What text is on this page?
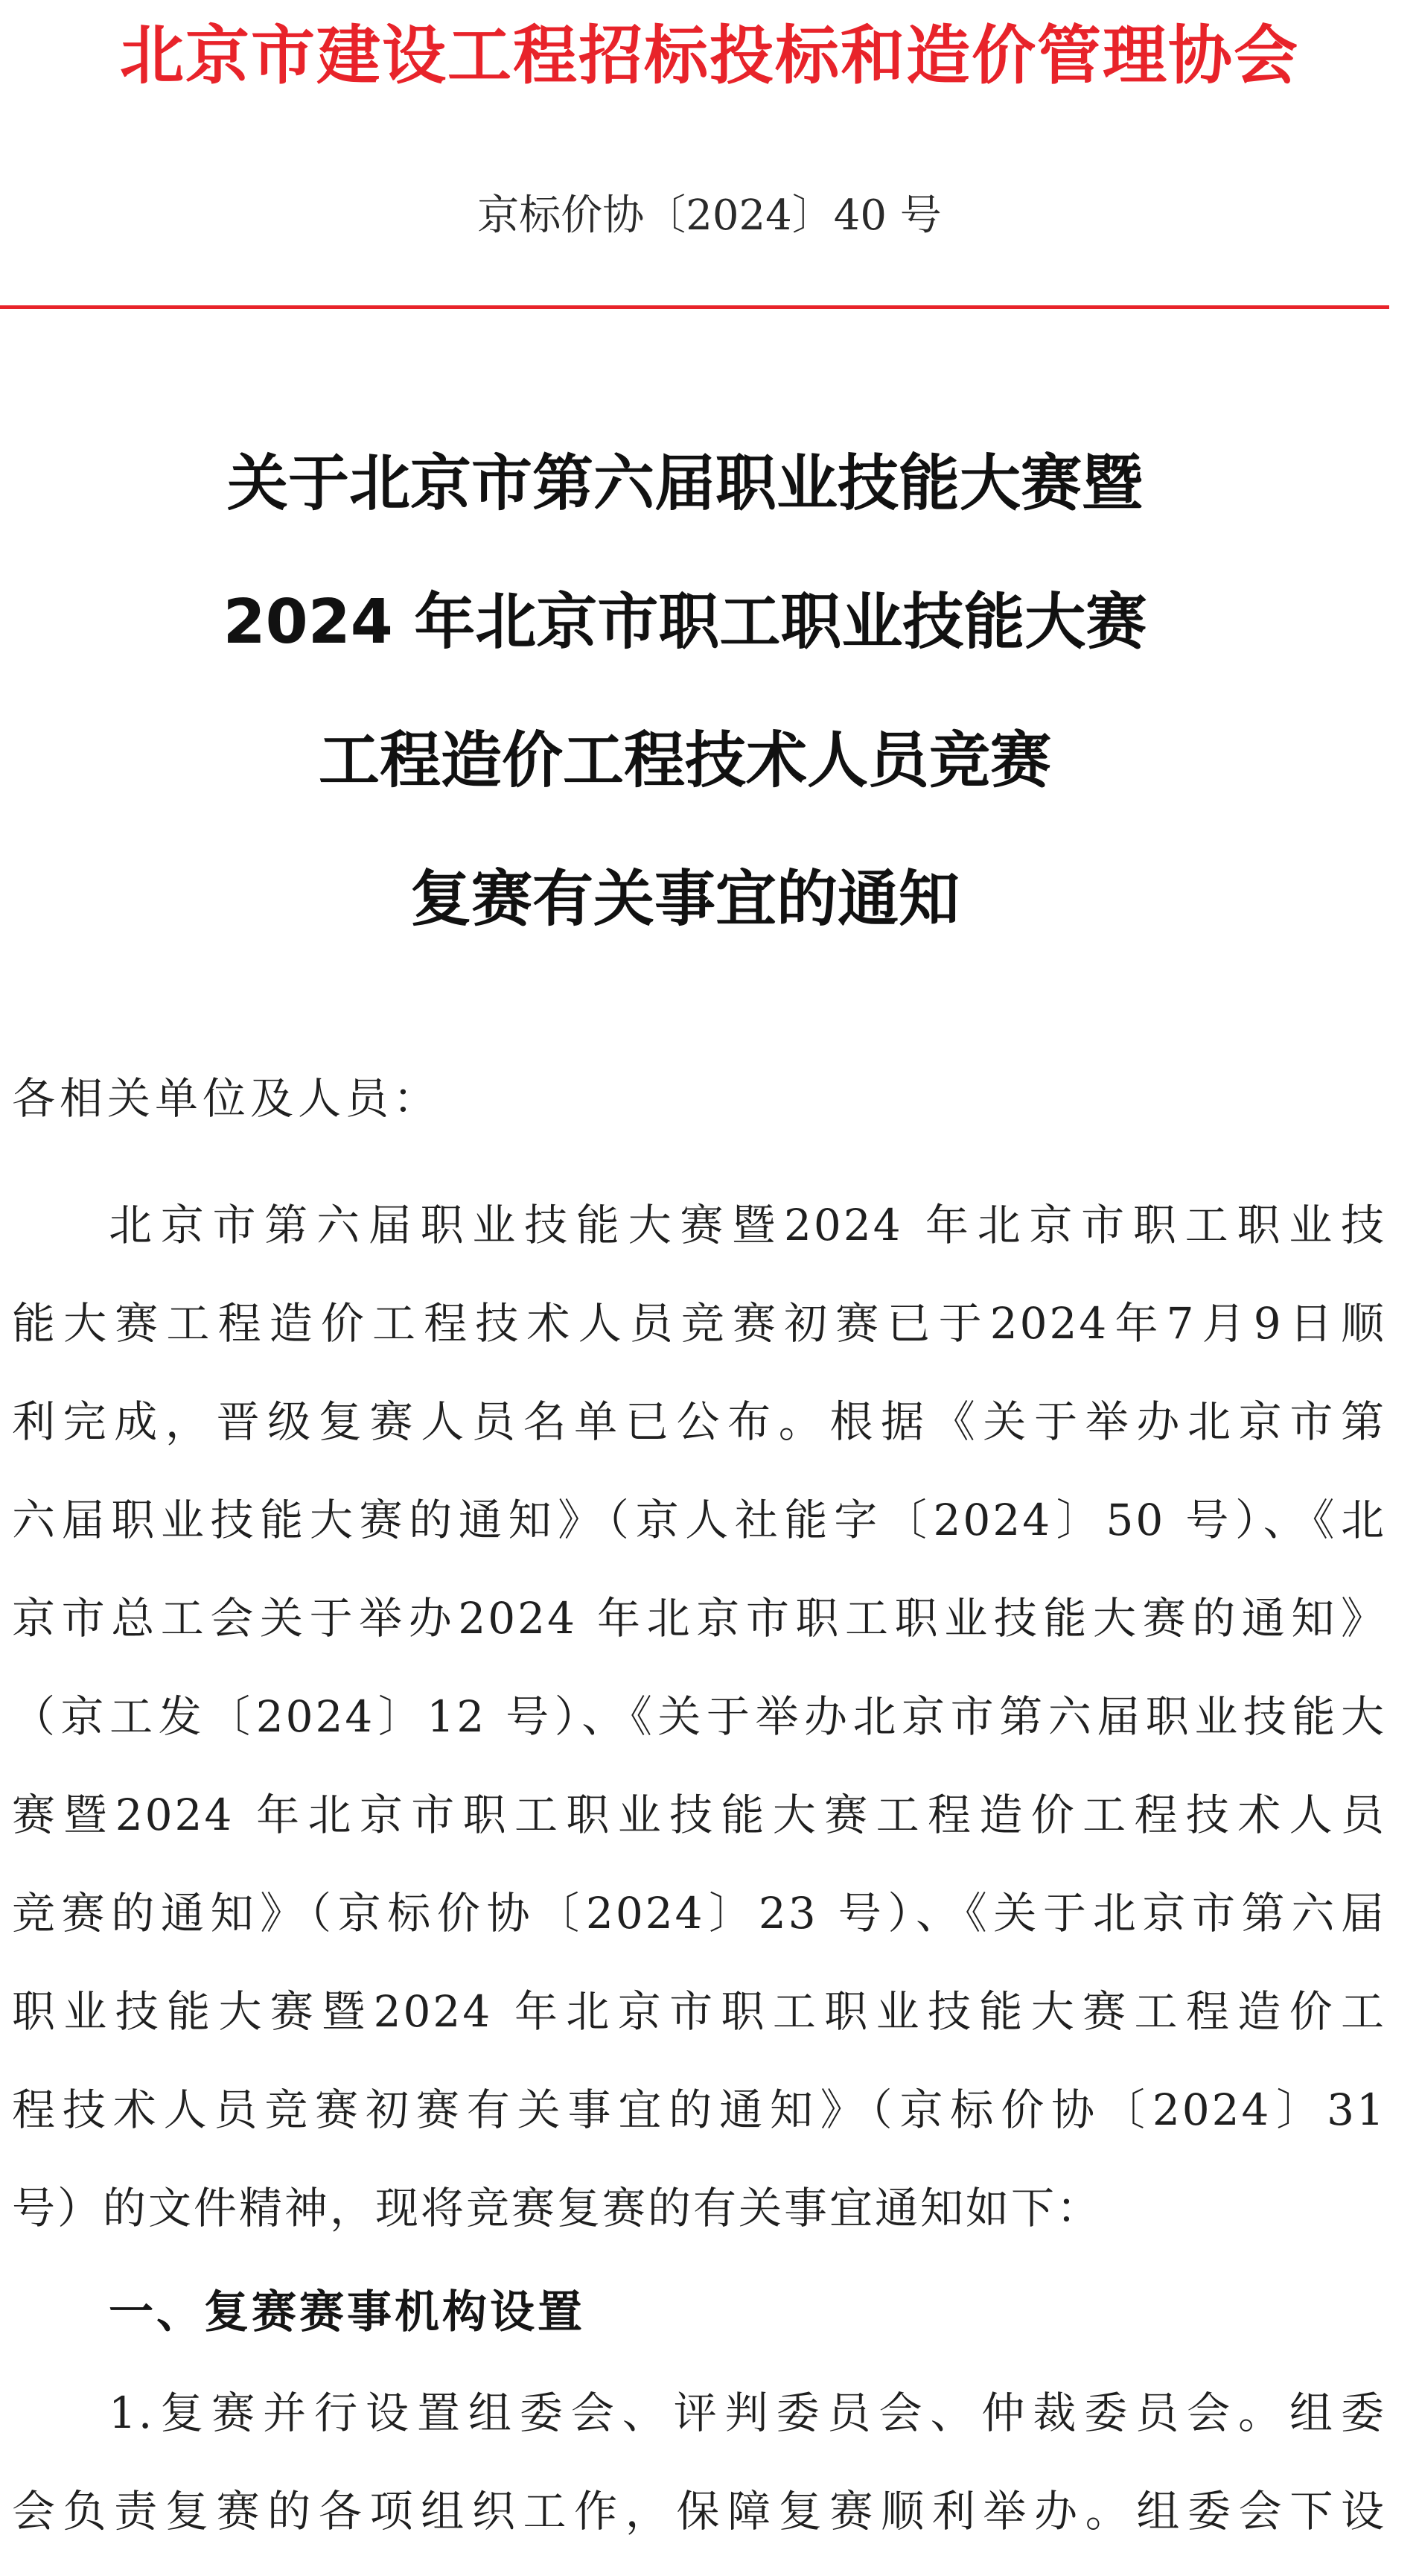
北京市建设工程招标投标和造价管理协会
京标价协〔2024〕40 号
关于北京市第六届职业技能大赛暨
2024 年北京市职工职业技能大赛
工程造价工程技术人员竞赛
复赛有关事宜的通知
各相关单位及人员：
北京市第六届职业技能大赛暨2024 年北京市职工职业技
能大赛工程造价工程技术人员竞赛初赛已于2024年7月9日顺
利完成，晋级复赛人员名单已公布。根据《关于举办北京市第
六届职业技能大赛的通知》（京人社能字〔2024〕50 号）、《北
京市总工会关于举办2024 年北京市职工职业技能大赛的通知》
（京工发〔2024〕12 号）、《关于举办北京市第六届职业技能大
赛暨2024 年北京市职工职业技能大赛工程造价工程技术人员
竞赛的通知》（京标价协〔2024〕23 号）、《关于北京市第六届
职业技能大赛暨2024 年北京市职工职业技能大赛工程造价工
程技术人员竞赛初赛有关事宜的通知》（京标价协〔2024〕31
号）的文件精神，现将竞赛复赛的有关事宜通知如下：
一、复赛赛事机构设置
1.复赛并行设置组委会、评判委员会、仲裁委员会。组委
会负责复赛的各项组织工作，保障复赛顺利举办。组委会下设
